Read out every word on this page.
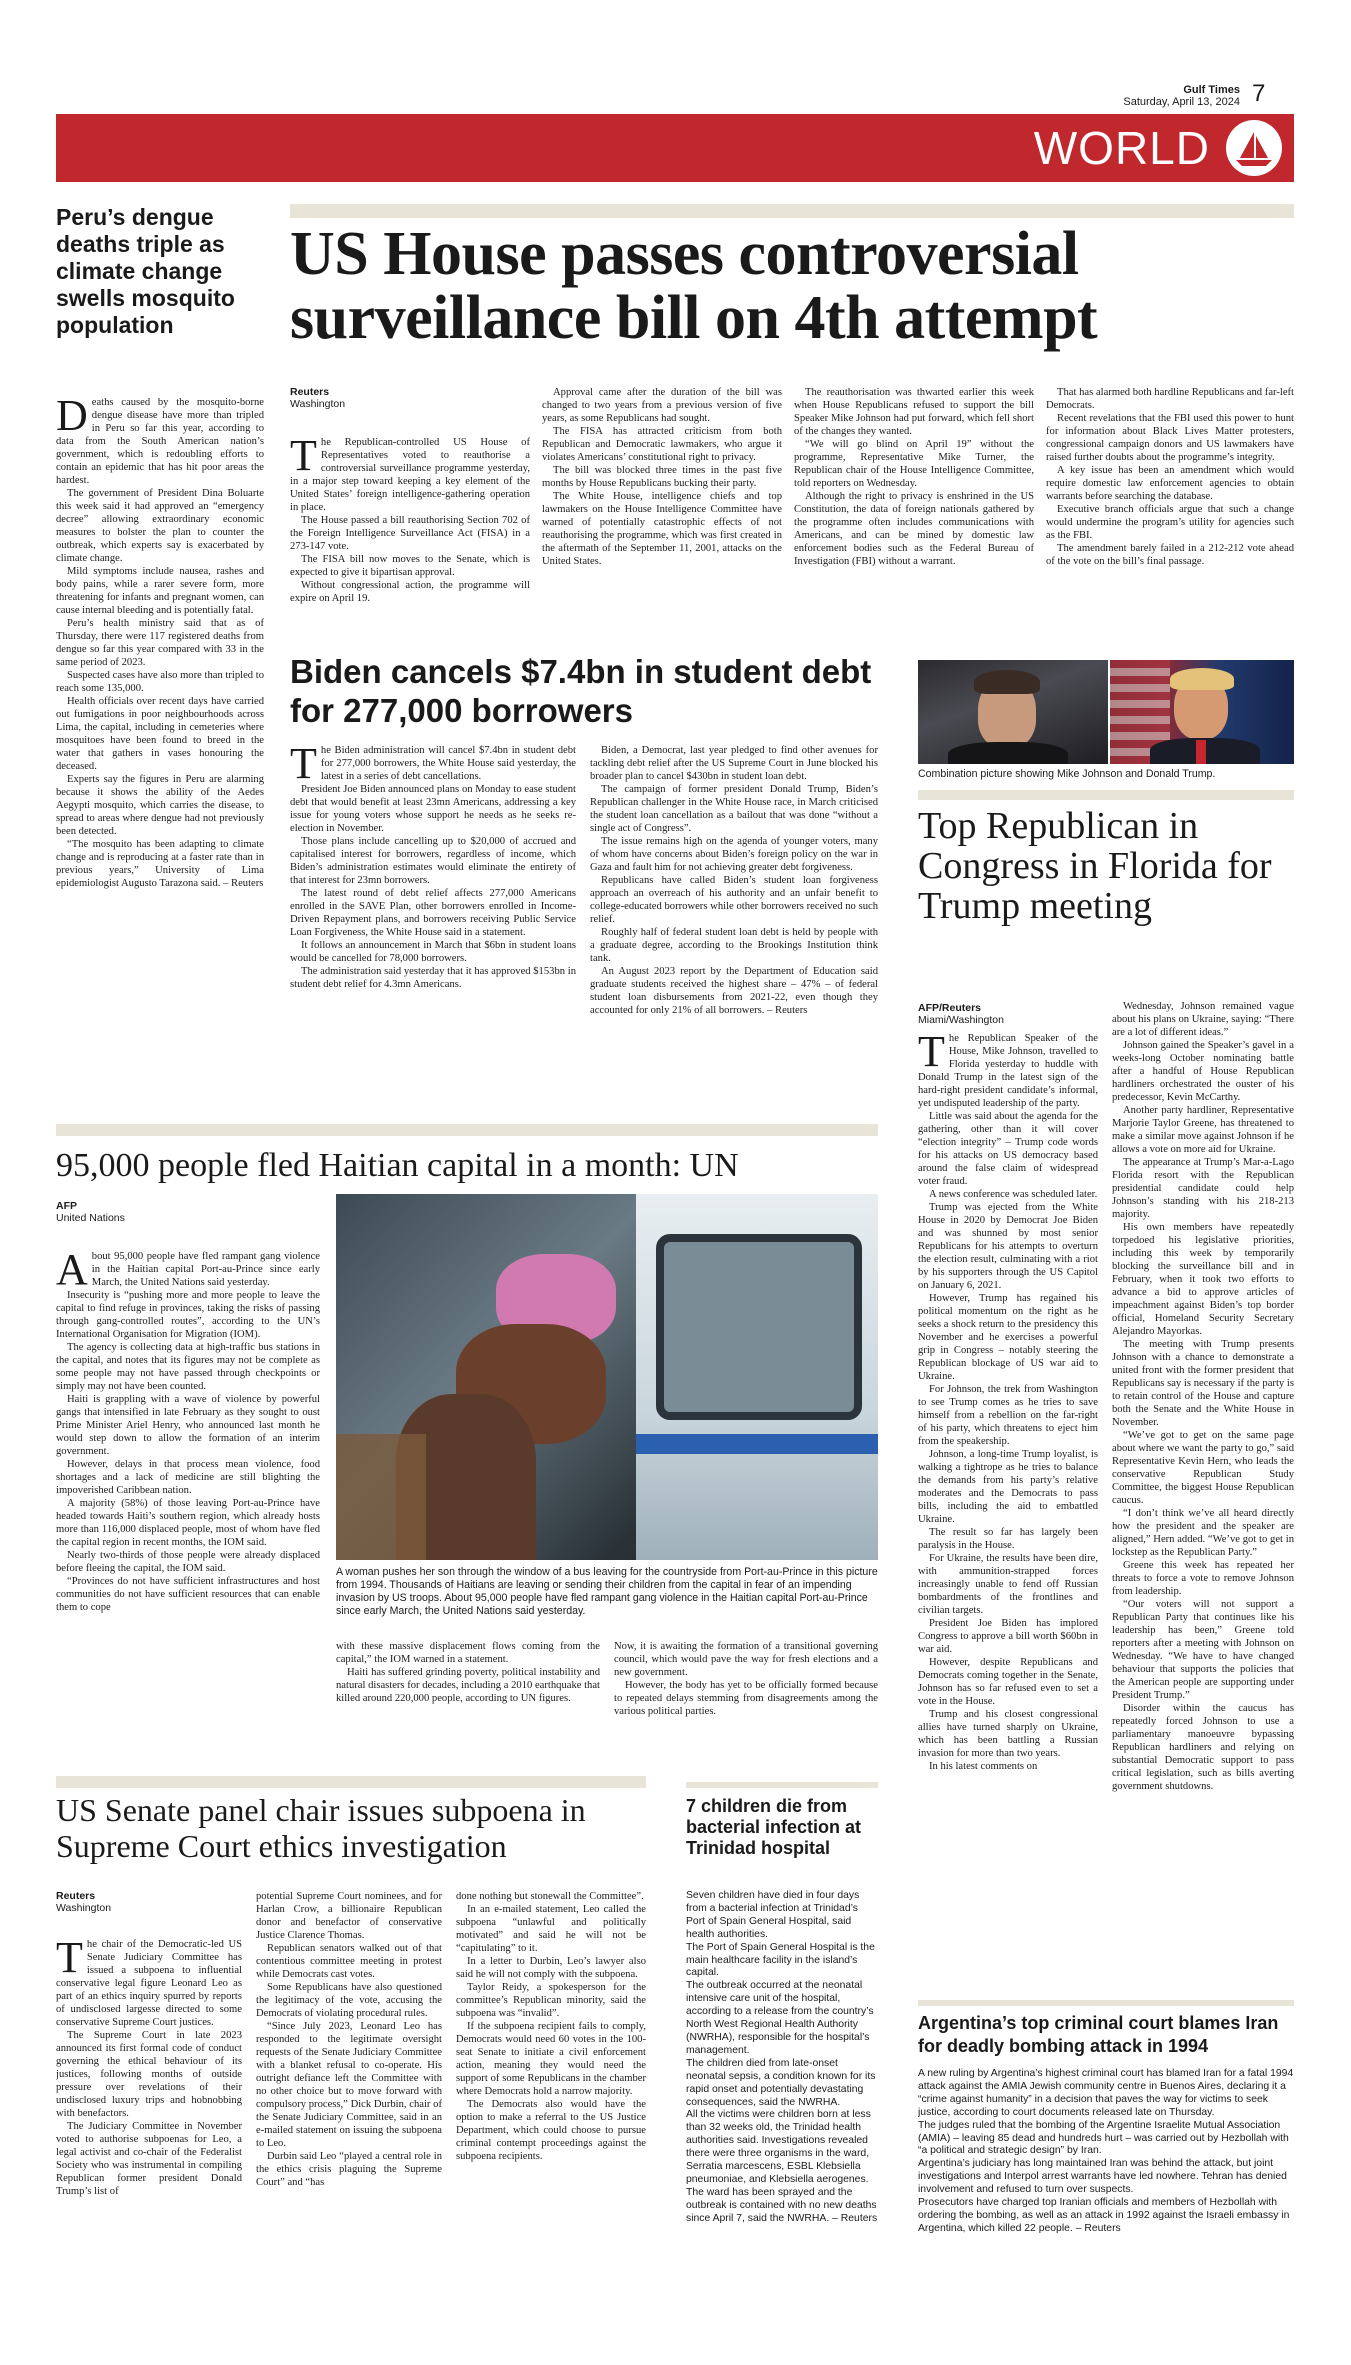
Gulf Times
Saturday, April 13, 2024 7
WORLD
Peru’s dengue deaths triple as climate change swells mosquito population

Deaths caused by the mosquito-borne dengue disease have more than tripled in Peru so far this year, according to data from the South American nation’s government, which is redoubling efforts to contain an epidemic that has hit poor areas the hardest.

The government of President Dina Boluarte this week said it had approved an “emergency decree” allowing extraordinary economic measures to bolster the plan to counter the outbreak, which experts say is exacerbated by climate change.

Mild symptoms include nausea, rashes and body pains, while a rarer severe form, more threatening for infants and pregnant women, can cause internal bleeding and is potentially fatal.

Peru’s health ministry said that as of Thursday, there were 117 registered deaths from dengue so far this year compared with 33 in the same period of 2023.

Suspected cases have also more than tripled to reach some 135,000.

Health officials over recent days have carried out fumigations in poor neighbourhoods across Lima, the capital, including in cemeteries where mosquitoes have been found to breed in the water that gathers in vases honouring the deceased.

Experts say the figures in Peru are alarming because it shows the ability of the Aedes Aegypti mosquito, which carries the disease, to spread to areas where dengue had not previously been detected.

“The mosquito has been adapting to climate change and is reproducing at a faster rate than in previous years,” University of Lima epidemiologist Augusto Tarazona said. – Reuters

US House passes controversial surveillance bill on 4th attempt
Reuters
Washington

The Republican-controlled US House of Representatives voted to reauthorise a controversial surveillance programme yesterday, in a major step toward keeping a key element of the United States’ foreign intelligence-gathering operation in place.

The House passed a bill reauthorising Section 702 of the Foreign Intelligence Surveillance Act (FISA) in a 273-147 vote.

The FISA bill now moves to the Senate, which is expected to give it bipartisan approval.

Without congressional action, the programme will expire on April 19.

Approval came after the duration of the bill was changed to two years from a previous version of five years, as some Republicans had sought.

The FISA has attracted criticism from both Republican and Democratic lawmakers, who argue it violates Americans’ constitutional right to privacy.

The bill was blocked three times in the past five months by House Republicans bucking their party.

The White House, intelligence chiefs and top lawmakers on the House Intelligence Committee have warned of potentially catastrophic effects of not reauthorising the programme, which was first created in the aftermath of the September 11, 2001, attacks on the United States.

The reauthorisation was thwarted earlier this week when House Republicans refused to support the bill Speaker Mike Johnson had put forward, which fell short of the changes they wanted.

“We will go blind on April 19” without the programme, Representative Mike Turner, the Republican chair of the House Intelligence Committee, told reporters on Wednesday.

Although the right to privacy is enshrined in the US Constitution, the data of foreign nationals gathered by the programme often includes communications with Americans, and can be mined by domestic law enforcement bodies such as the Federal Bureau of Investigation (FBI) without a warrant.

That has alarmed both hardline Republicans and far-left Democrats.

Recent revelations that the FBI used this power to hunt for information about Black Lives Matter protesters, congressional campaign donors and US lawmakers have raised further doubts about the programme’s integrity.

A key issue has been an amendment which would require domestic law enforcement agencies to obtain warrants before searching the database.

Executive branch officials argue that such a change would undermine the program’s utility for agencies such as the FBI.

The amendment barely failed in a 212-212 vote ahead of the vote on the bill’s final passage.

Biden cancels $7.4bn in student debt for 277,000 borrowers

The Biden administration will cancel $7.4bn in student debt for 277,000 borrowers, the White House said yesterday, the latest in a series of debt cancellations.

President Joe Biden announced plans on Monday to ease student debt that would benefit at least 23mn Americans, addressing a key issue for young voters whose support he needs as he seeks re-election in November.

Those plans include cancelling up to $20,000 of accrued and capitalised interest for borrowers, regardless of income, which Biden’s administration estimates would eliminate the entirety of that interest for 23mn borrowers.

The latest round of debt relief affects 277,000 Americans enrolled in the SAVE Plan, other borrowers enrolled in Income-Driven Repayment plans, and borrowers receiving Public Service Loan Forgiveness, the White House said in a statement.

It follows an announcement in March that $6bn in student loans would be cancelled for 78,000 borrowers.

The administration said yesterday that it has approved $153bn in student debt relief for 4.3mn Americans.

Biden, a Democrat, last year pledged to find other avenues for tackling debt relief after the US Supreme Court in June blocked his broader plan to cancel $430bn in student loan debt.

The campaign of former president Donald Trump, Biden’s Republican challenger in the White House race, in March criticised the student loan cancellation as a bailout that was done “without a single act of Congress”.

The issue remains high on the agenda of younger voters, many of whom have concerns about Biden’s foreign policy on the war in Gaza and fault him for not achieving greater debt forgiveness.

Republicans have called Biden’s student loan forgiveness approach an overreach of his authority and an unfair benefit to college-educated borrowers while other borrowers received no such relief.

Roughly half of federal student loan debt is held by people with a graduate degree, according to the Brookings Institution think tank.

An August 2023 report by the Department of Education said graduate students received the highest share – 47% – of federal student loan disbursements from 2021-22, even though they accounted for only 21% of all borrowers. – Reuters

Combination picture showing Mike Johnson and Donald Trump.
Top Republican in Congress in Florida for Trump meeting
AFP/Reuters
Miami/Washington

The Republican Speaker of the House, Mike Johnson, travelled to Florida yesterday to huddle with Donald Trump in the latest sign of the hard-right president candidate’s informal, yet undisputed leadership of the party.

Little was said about the agenda for the gathering, other than it will cover “election integrity” – Trump code words for his attacks on US democracy based around the false claim of widespread voter fraud.

A news conference was scheduled later.

Trump was ejected from the White House in 2020 by Democrat Joe Biden and was shunned by most senior Republicans for his attempts to overturn the election result, culminating with a riot by his supporters through the US Capitol on January 6, 2021.

However, Trump has regained his political momentum on the right as he seeks a shock return to the presidency this November and he exercises a powerful grip in Congress – notably steering the Republican blockage of US war aid to Ukraine.

For Johnson, the trek from Washington to see Trump comes as he tries to save himself from a rebellion on the far-right of his party, which threatens to eject him from the speakership.

Johnson, a long-time Trump loyalist, is walking a tightrope as he tries to balance the demands from his party’s relative moderates and the Democrats to pass bills, including the aid to embattled Ukraine.

The result so far has largely been paralysis in the House.

For Ukraine, the results have been dire, with ammunition-strapped forces increasingly unable to fend off Russian bombardments of the frontlines and civilian targets.

President Joe Biden has implored Congress to approve a bill worth $60bn in war aid.

However, despite Republicans and Democrats coming together in the Senate, Johnson has so far refused even to set a vote in the House.

Trump and his closest congressional allies have turned sharply on Ukraine, which has been battling a Russian invasion for more than two years.

In his latest comments on

Wednesday, Johnson remained vague about his plans on Ukraine, saying: “There are a lot of different ideas.”

Johnson gained the Speaker’s gavel in a weeks-long October nominating battle after a handful of House Republican hardliners orchestrated the ouster of his predecessor, Kevin McCarthy.

Another party hardliner, Representative Marjorie Taylor Greene, has threatened to make a similar move against Johnson if he allows a vote on more aid for Ukraine.

The appearance at Trump’s Mar-a-Lago Florida resort with the Republican presidential candidate could help Johnson’s standing with his 218-213 majority.

His own members have repeatedly torpedoed his legislative priorities, including this week by temporarily blocking the surveillance bill and in February, when it took two efforts to advance a bid to approve articles of impeachment against Biden’s top border official, Homeland Security Secretary Alejandro Mayorkas.

The meeting with Trump presents Johnson with a chance to demonstrate a united front with the former president that Republicans say is necessary if the party is to retain control of the House and capture both the Senate and the White House in November.

“We’ve got to get on the same page about where we want the party to go,” said Representative Kevin Hern, who leads the conservative Republican Study Committee, the biggest House Republican caucus.

“I don’t think we’ve all heard directly how the president and the speaker are aligned,” Hern added. “We’ve got to get in lockstep as the Republican Party.”

Greene this week has repeated her threats to force a vote to remove Johnson from leadership.

“Our voters will not support a Republican Party that continues like his leadership has been,” Greene told reporters after a meeting with Johnson on Wednesday. “We have to have changed behaviour that supports the policies that the American people are supporting under President Trump.”

Disorder within the caucus has repeatedly forced Johnson to use a parliamentary manoeuvre bypassing Republican hardliners and relying on substantial Democratic support to pass critical legislation, such as bills averting government shutdowns.

95,000 people fled Haitian capital in a month: UN
AFP
United Nations

About 95,000 people have fled rampant gang violence in the Haitian capital Port-au-Prince since early March, the United Nations said yesterday.

Insecurity is “pushing more and more people to leave the capital to find refuge in provinces, taking the risks of passing through gang-controlled routes”, according to the UN’s International Organisation for Migration (IOM).

The agency is collecting data at high-traffic bus stations in the capital, and notes that its figures may not be complete as some people may not have passed through checkpoints or simply may not have been counted.

Haiti is grappling with a wave of violence by powerful gangs that intensified in late February as they sought to oust Prime Minister Ariel Henry, who announced last month he would step down to allow the formation of an interim government.

However, delays in that process mean violence, food shortages and a lack of medicine are still blighting the impoverished Caribbean nation.

A majority (58%) of those leaving Port-au-Prince have headed towards Haiti’s southern region, which already hosts more than 116,000 displaced people, most of whom have fled the capital region in recent months, the IOM said.

Nearly two-thirds of those people were already displaced before fleeing the capital, the IOM said.

“Provinces do not have sufficient infrastructures and host communities do not have sufficient resources that can enable them to cope

A woman pushes her son through the window of a bus leaving for the countryside from Port-au-Prince in this picture from 1994. Thousands of Haitians are leaving or sending their children from the capital in fear of an impending invasion by US troops. About 95,000 people have fled rampant gang violence in the Haitian capital Port-au-Prince since early March, the United Nations said yesterday.

with these massive displacement flows coming from the capital,” the IOM warned in a statement.

Haiti has suffered grinding poverty, political instability and natural disasters for decades, including a 2010 earthquake that killed around 220,000 people, according to UN figures.

Now, it is awaiting the formation of a transitional governing council, which would pave the way for fresh elections and a new government.

However, the body has yet to be officially formed because to repeated delays stemming from disagreements among the various political parties.

US Senate panel chair issues subpoena in Supreme Court ethics investigation
Reuters
Washington

The chair of the Democratic-led US Senate Judiciary Committee has issued a subpoena to influential conservative legal figure Leonard Leo as part of an ethics inquiry spurred by reports of undisclosed largesse directed to some conservative Supreme Court justices.

The Supreme Court in late 2023 announced its first formal code of conduct governing the ethical behaviour of its justices, following months of outside pressure over revelations of their undisclosed luxury trips and hobnobbing with benefactors.

The Judiciary Committee in November voted to authorise subpoenas for Leo, a legal activist and co-chair of the Federalist Society who was instrumental in compiling Republican former president Donald Trump’s list of

potential Supreme Court nominees, and for Harlan Crow, a billionaire Republican donor and benefactor of conservative Justice Clarence Thomas.

Republican senators walked out of that contentious committee meeting in protest while Democrats cast votes.

Some Republicans have also questioned the legitimacy of the vote, accusing the Democrats of violating procedural rules.

“Since July 2023, Leonard Leo has responded to the legitimate oversight requests of the Senate Judiciary Committee with a blanket refusal to co-operate. His outright defiance left the Committee with no other choice but to move forward with compulsory process,” Dick Durbin, chair of the Senate Judiciary Committee, said in an e-mailed statement on issuing the subpoena to Leo.

Durbin said Leo “played a central role in the ethics crisis plaguing the Supreme Court” and “has

done nothing but stonewall the Committee”.

In an e-mailed statement, Leo called the subpoena “unlawful and politically motivated” and said he will not be “capitulating” to it.

In a letter to Durbin, Leo’s lawyer also said he will not comply with the subpoena.

Taylor Reidy, a spokesperson for the committee’s Republican minority, said the subpoena was “invalid”.

If the subpoena recipient fails to comply, Democrats would need 60 votes in the 100-seat Senate to initiate a civil enforcement action, meaning they would need the support of some Republicans in the chamber where Democrats hold a narrow majority.

The Democrats also would have the option to make a referral to the US Justice Department, which could choose to pursue criminal contempt proceedings against the subpoena recipients.

7 children die from bacterial infection at Trinidad hospital

Seven children have died in four days from a bacterial infection at Trinidad’s Port of Spain General Hospital, said health authorities.

The Port of Spain General Hospital is the main healthcare facility in the island’s capital.

The outbreak occurred at the neonatal intensive care unit of the hospital, according to a release from the country’s North West Regional Health Authority (NWRHA), responsible for the hospital’s management.

The children died from late-onset neonatal sepsis, a condition known for its rapid onset and potentially devastating consequences, said the NWRHA.

All the victims were children born at less than 32 weeks old, the Trinidad health authorities said. Investigations revealed there were three organisms in the ward, Serratia marcescens, ESBL Klebsiella pneumoniae, and Klebsiella aerogenes.

The ward has been sprayed and the outbreak is contained with no new deaths since April 7, said the NWRHA. – Reuters

Argentina’s top criminal court blames Iran for deadly bombing attack in 1994

A new ruling by Argentina’s highest criminal court has blamed Iran for a fatal 1994 attack against the AMIA Jewish community centre in Buenos Aires, declaring it a “crime against humanity” in a decision that paves the way for victims to seek justice, according to court documents released late on Thursday.

The judges ruled that the bombing of the Argentine Israelite Mutual Association (AMIA) – leaving 85 dead and hundreds hurt – was carried out by Hezbollah with “a political and strategic design” by Iran.

Argentina’s judiciary has long maintained Iran was behind the attack, but joint investigations and Interpol arrest warrants have led nowhere. Tehran has denied involvement and refused to turn over suspects.

Prosecutors have charged top Iranian officials and members of Hezbollah with ordering the bombing, as well as an attack in 1992 against the Israeli embassy in Argentina, which killed 22 people. – Reuters
